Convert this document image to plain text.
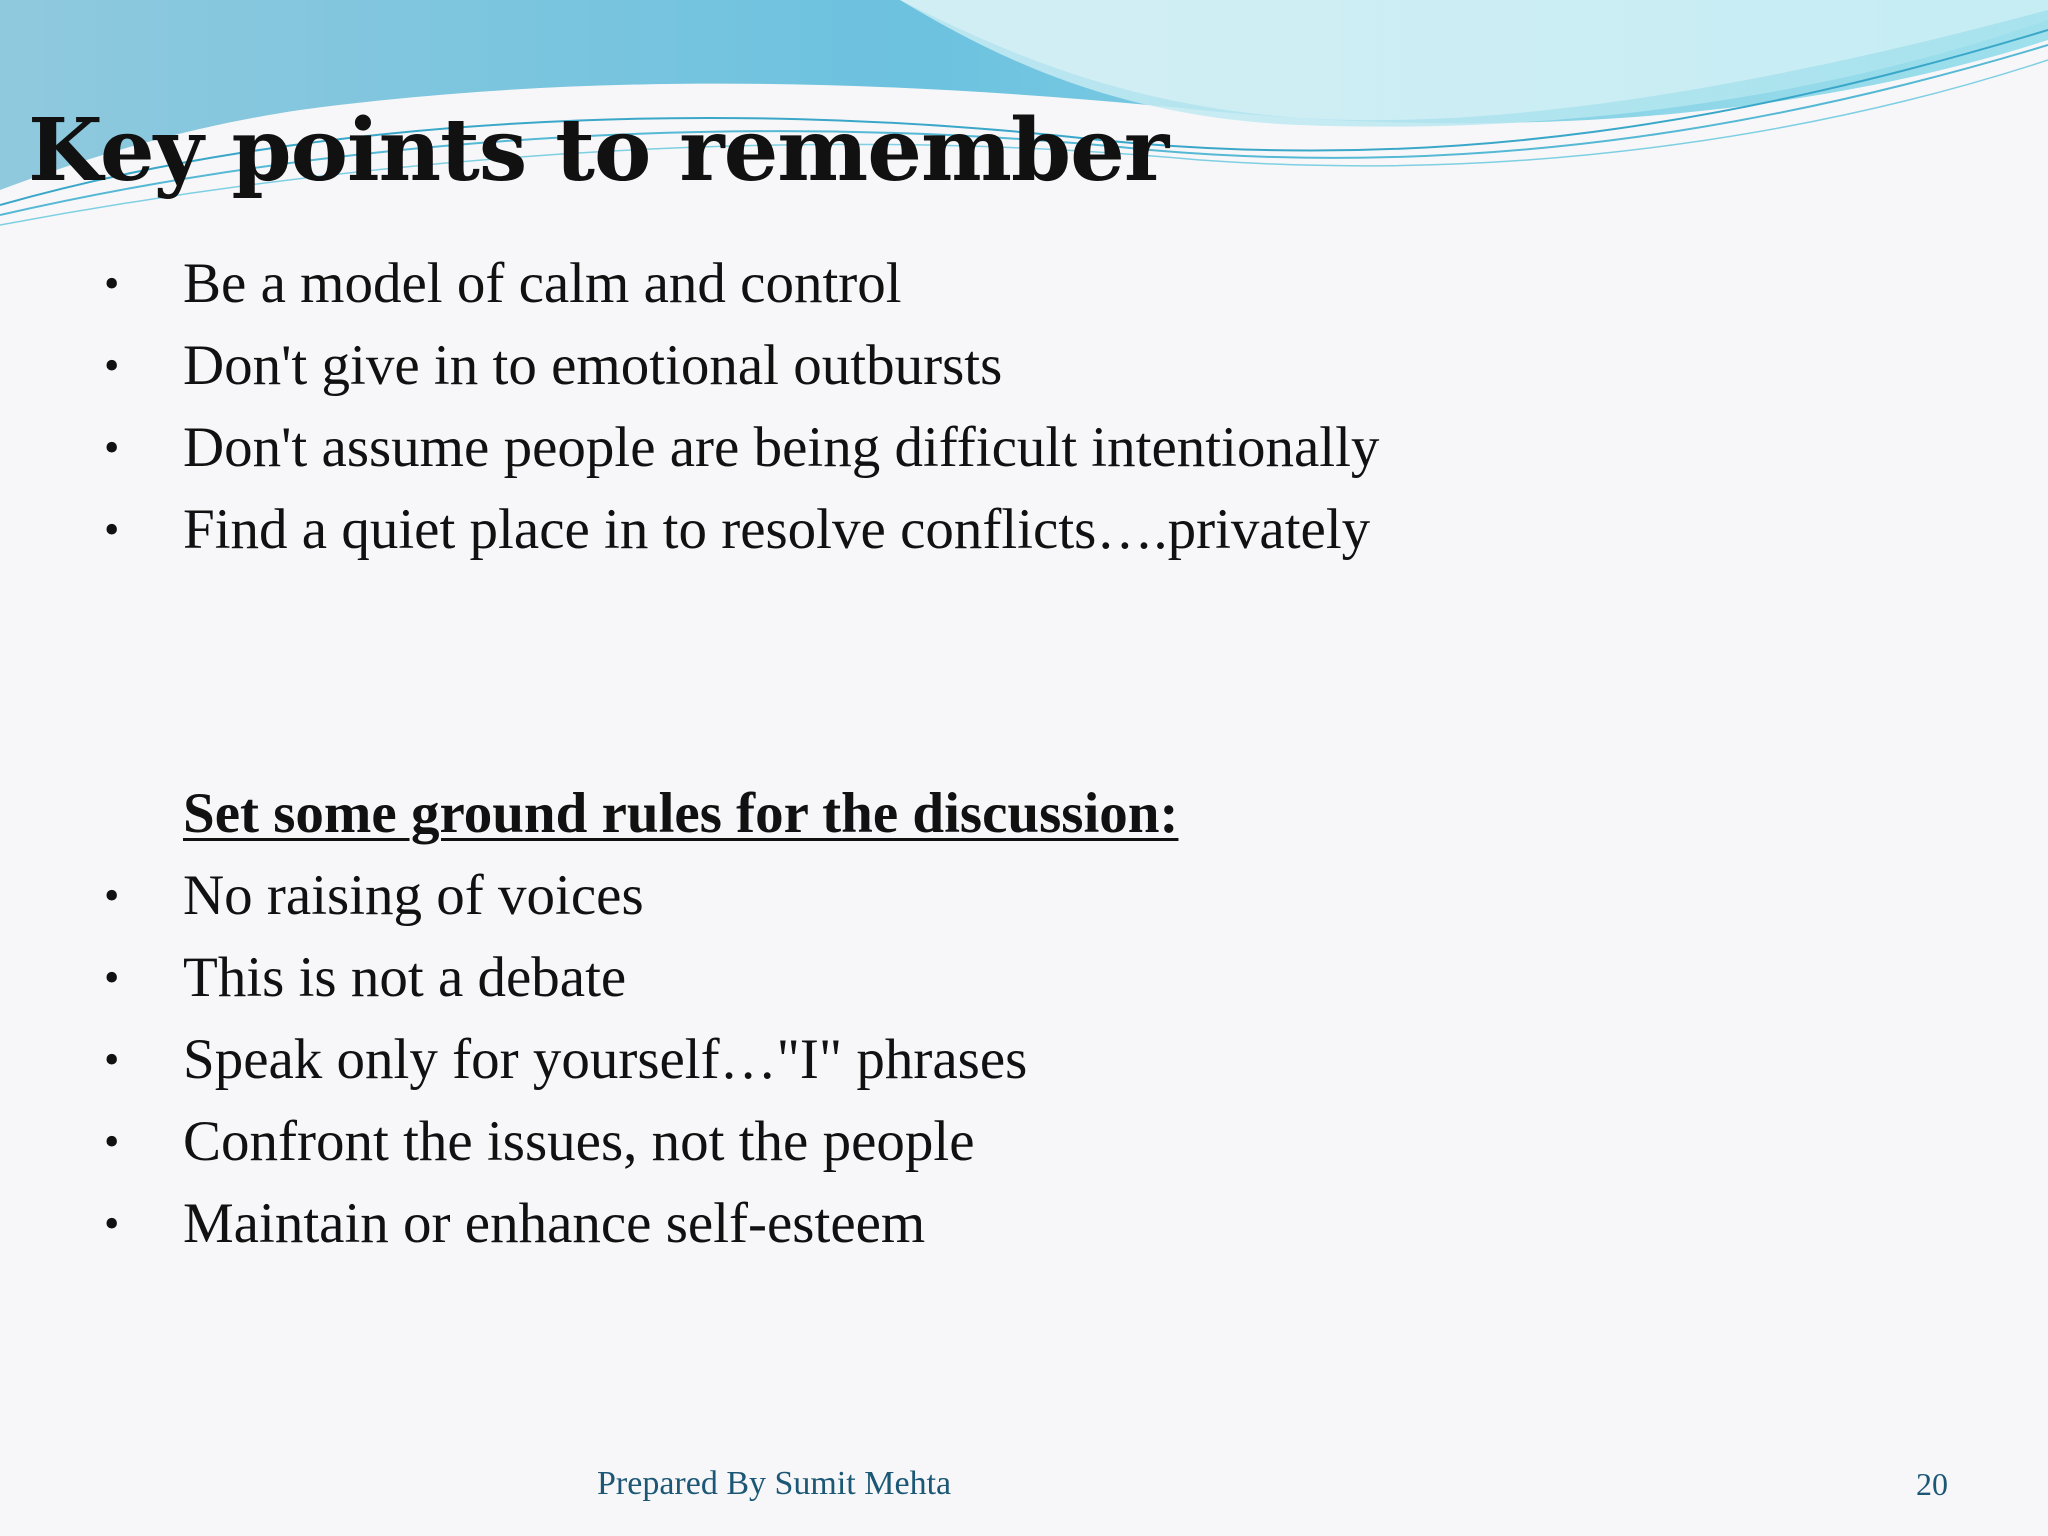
Key points to remember
• Be a model of calm and control
• Don't give in to emotional outbursts
• Don't assume people are being difficult intentionally
• Find a quiet place in to resolve conflicts….privately
Set some ground rules for the discussion:
• No raising of voices
• This is not a debate
• Speak only for yourself…"I" phrases
• Confront the issues, not the people
• Maintain or enhance self-esteem
Prepared By Sumit Mehta	20
